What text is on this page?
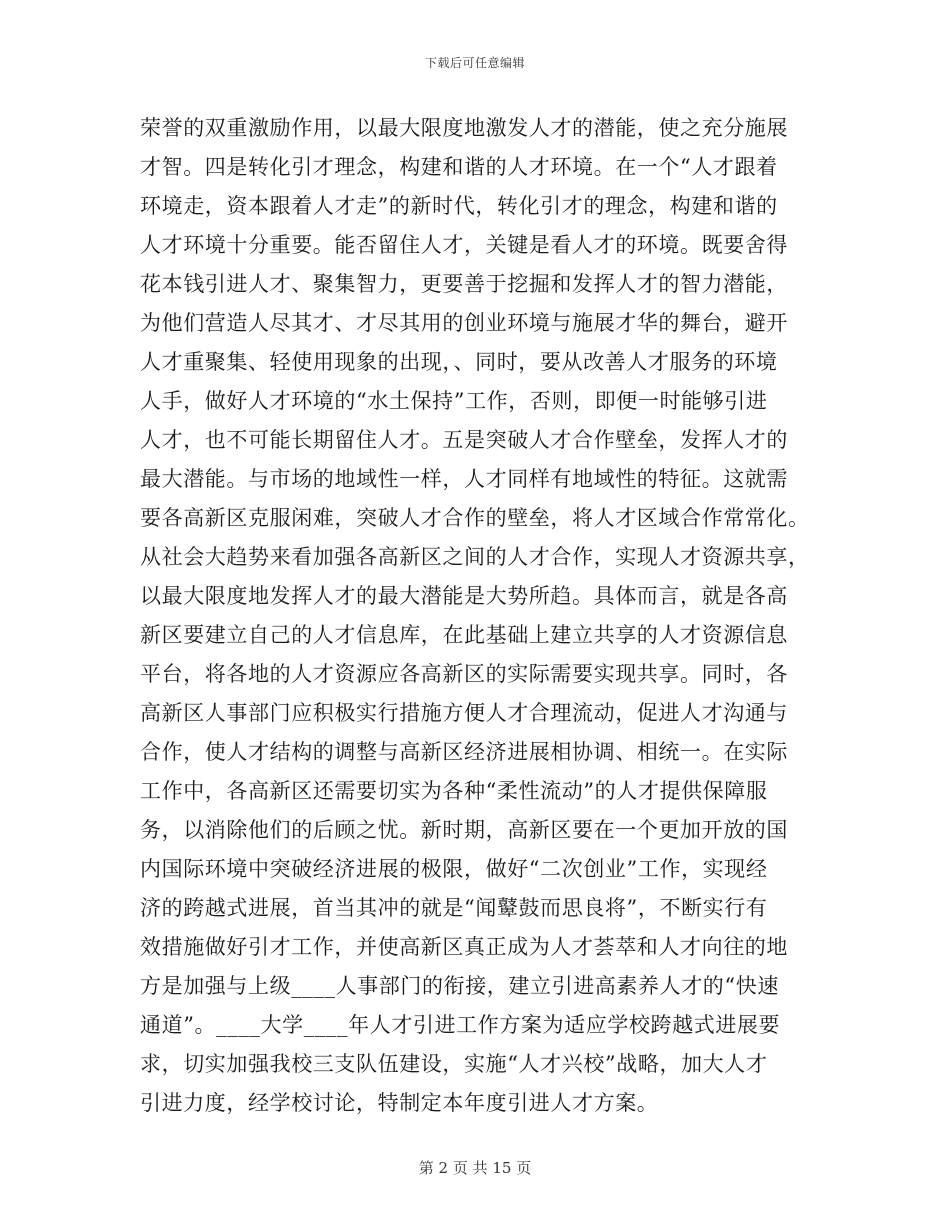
下载后可任意编辑
荣誉的双重激励作用，以最大限度地激发人才的潜能，使之充分施展
才智。四是转化引才理念，构建和谐的人才环境。在一个“人才跟着
环境走，资本跟着人才走”的新时代，转化引才的理念，构建和谐的
人才环境十分重要。能否留住人才，关键是看人才的环境。既要舍得
花本钱引进人才、聚集智力，更要善于挖掘和发挥人才的智力潜能，
为他们营造人尽其才、才尽其用的创业环境与施展才华的舞台，避开
人才重聚集、轻使用现象的出现，、同时，要从改善人才服务的环境
人手，做好人才环境的“水土保持”工作，否则，即便一时能够引进
人才，也不可能长期留住人才。五是突破人才合作壁垒，发挥人才的
最大潜能。与市场的地域性一样，人才同样有地域性的特征。这就需
要各高新区克服闲难，突破人才合作的壁垒，将人才区域合作常常化。
从社会大趋势来看加强各高新区之间的人才合作，实现人才资源共享，
以最大限度地发挥人才的最大潜能是大势所趋。具体而言，就是各高
新区要建立自己的人才信息库，在此基础上建立共享的人才资源信息
平台，将各地的人才资源应各高新区的实际需要实现共享。同时，各
高新区人事部门应积极实行措施方便人才合理流动，促进人才沟通与
合作，使人才结构的调整与高新区经济进展相协调、相统一。在实际
工作中，各高新区还需要切实为各种“柔性流动”的人才提供保障服
务，以消除他们的后顾之忧。新时期，高新区要在一个更加开放的国
内国际环境中突破经济进展的极限，做好“二次创业”工作，实现经
济的跨越式进展，首当其冲的就是“闻鼙鼓而思良将”，不断实行有
效措施做好引才工作，并使高新区真正成为人才荟萃和人才向往的地
方是加强与上级____人事部门的衔接，建立引进高素养人才的“快速
通道”。____大学____年人才引进工作方案为适应学校跨越式进展要
求，切实加强我校三支队伍建设，实施“人才兴校”战略，加大人才
引进力度，经学校讨论，特制定本年度引进人才方案。
第 2 页 共 15 页
